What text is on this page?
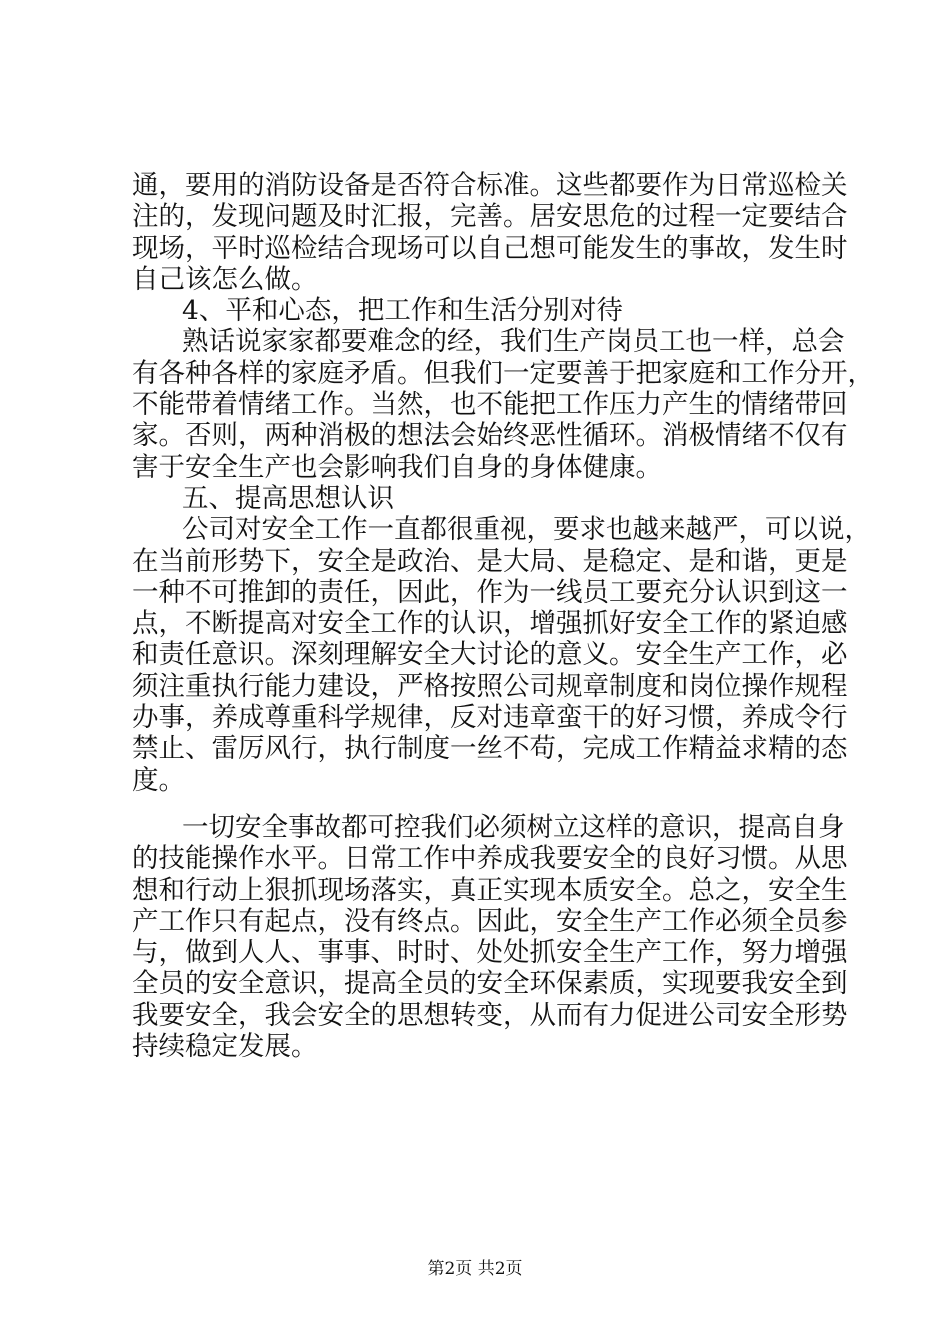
通，要用的消防设备是否符合标准。这些都要作为日常巡检关
注的，发现问题及时汇报，完善。居安思危的过程一定要结合
现场，平时巡检结合现场可以自己想可能发生的事故，发生时
自己该怎么做。
4、平和心态，把工作和生活分别对待
熟话说家家都要难念的经，我们生产岗员工也一样，总会
有各种各样的家庭矛盾。但我们一定要善于把家庭和工作分开，
不能带着情绪工作。当然，也不能把工作压力产生的情绪带回
家。否则，两种消极的想法会始终恶性循环。消极情绪不仅有
害于安全生产也会影响我们自身的身体健康。
五、提高思想认识
公司对安全工作一直都很重视，要求也越来越严，可以说，
在当前形势下，安全是政治、是大局、是稳定、是和谐，更是
一种不可推卸的责任，因此，作为一线员工要充分认识到这一
点，不断提高对安全工作的认识，增强抓好安全工作的紧迫感
和责任意识。深刻理解安全大讨论的意义。安全生产工作，必
须注重执行能力建设，严格按照公司规章制度和岗位操作规程
办事，养成尊重科学规律，反对违章蛮干的好习惯，养成令行
禁止、雷厉风行，执行制度一丝不苟，完成工作精益求精的态
度。
一切安全事故都可控我们必须树立这样的意识，提高自身
的技能操作水平。日常工作中养成我要安全的良好习惯。从思
想和行动上狠抓现场落实，真正实现本质安全。总之，安全生
产工作只有起点，没有终点。因此，安全生产工作必须全员参
与，做到人人、事事、时时、处处抓安全生产工作，努力增强
全员的安全意识，提高全员的安全环保素质，实现要我安全到
我要安全，我会安全的思想转变，从而有力促进公司安全形势
持续稳定发展。
第2页 共2页
